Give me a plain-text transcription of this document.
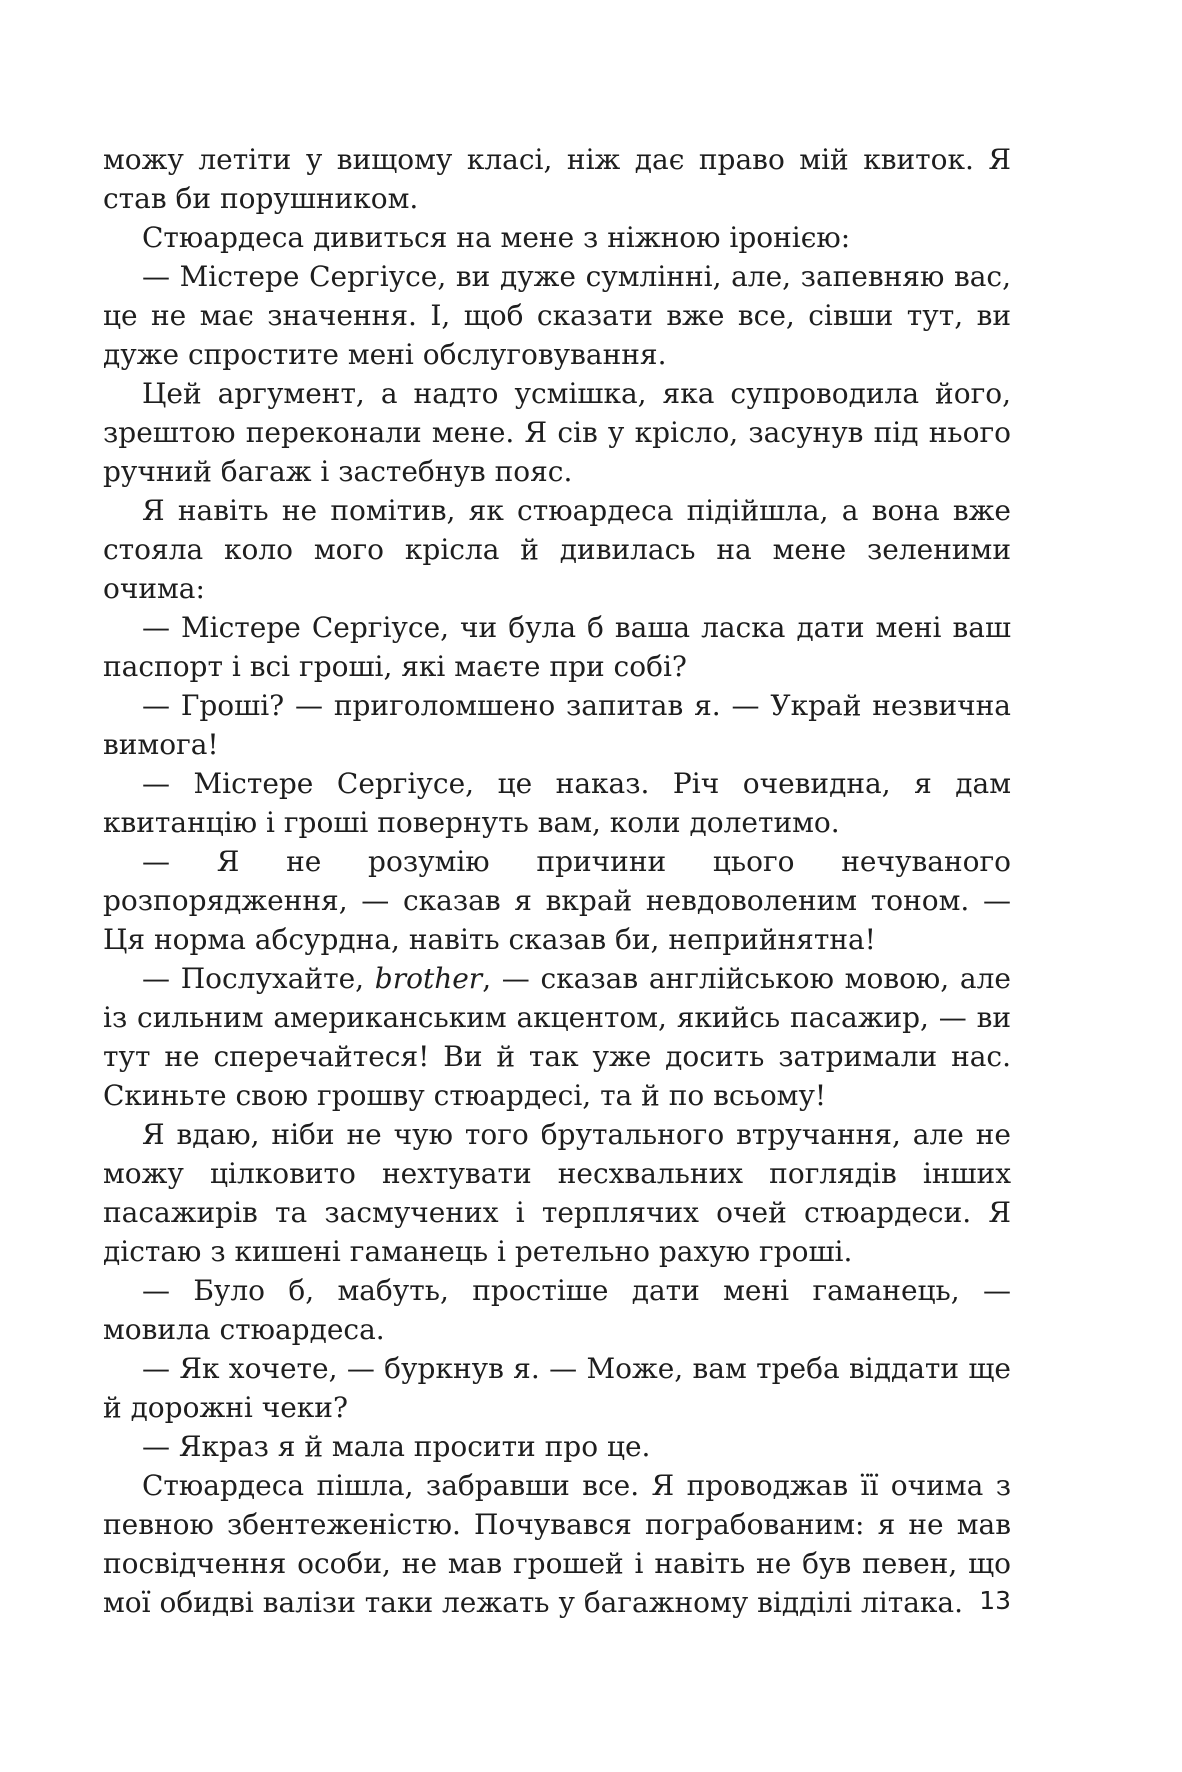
можу летіти у вищому класі, ніж дає право мій квиток. Я став би порушником.

Стюардеса дивиться на мене з ніжною іронією:

— Містере Сергіусе, ви дуже сумлінні, але, запевняю вас, це не має значення. І, щоб сказати вже все, сівши тут, ви дуже спростите мені обслуговування.

Цей аргумент, а надто усмішка, яка супроводила його, зрештою переконали мене. Я сів у крісло, засунув під нього ручний багаж і застебнув пояс.

Я навіть не помітив, як стюардеса підійшла, а вона вже стояла коло мого крісла й дивилась на мене зеленими очима:

— Містере Сергіусе, чи була б ваша ласка дати мені ваш паспорт і всі гроші, які маєте при собі?

— Гроші? — приголомшено запитав я. — Украй незвична вимога!

— Містере Сергіусе, це наказ. Річ очевидна, я дам квитанцію і гроші повернуть вам, коли долетимо.

— Я не розумію причини цього нечуваного розпорядження, — сказав я вкрай невдоволеним тоном. — Ця норма абсурдна, навіть сказав би, неприйнятна!

— Послухайте, brother, — сказав англійською мовою, але із сильним американським акцентом, якийсь пасажир, — ви тут не сперечайтеся! Ви й так уже досить затримали нас. Скиньте свою грошву стюардесі, та й по всьому!

Я вдаю, ніби не чую того брутального втручання, але не можу цілковито нехтувати несхвальних поглядів інших пасажирів та засмучених і терплячих очей стюардеси. Я дістаю з кишені гаманець і ретельно рахую гроші.

— Було б, мабуть, простіше дати мені гаманець, — мовила стюардеса.

— Як хочете, — буркнув я. — Може, вам треба віддати ще й дорожні чеки?

— Якраз я й мала просити про це.

Стюардеса пішла, забравши все. Я проводжав її очима з певною збентеженістю. Почувався пограбованим: я не мав посвідчення особи, не мав грошей і навіть не був певен, що мої обидві валізи таки лежать у багажному відділі літака. 13
